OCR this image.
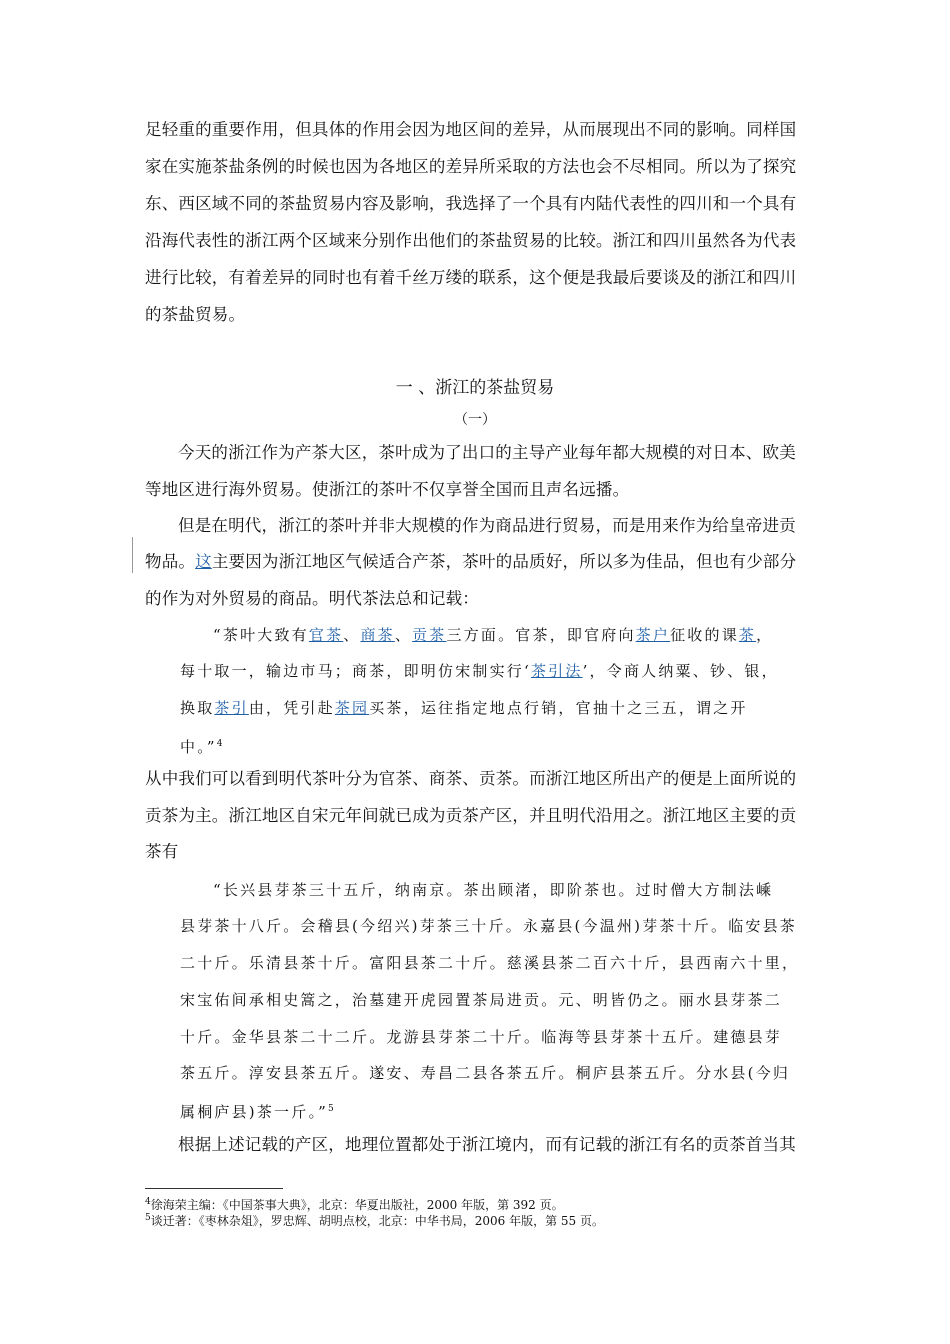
足轻重的重要作用，但具体的作用会因为地区间的差异，从而展现出不同的影响。同样国
家在实施茶盐条例的时候也因为各地区的差异所采取的方法也会不尽相同。所以为了探究
东、西区域不同的茶盐贸易内容及影响，我选择了一个具有内陆代表性的四川和一个具有
沿海代表性的浙江两个区域来分别作出他们的茶盐贸易的比较。浙江和四川虽然各为代表
进行比较，有着差异的同时也有着千丝万缕的联系，这个便是我最后要谈及的浙江和四川
的茶盐贸易。
一 、浙江的茶盐贸易
（一）
今天的浙江作为产茶大区，茶叶成为了出口的主导产业每年都大规模的对日本、欧美
等地区进行海外贸易。使浙江的茶叶不仅享誉全国而且声名远播。
但是在明代，浙江的茶叶并非大规模的作为商品进行贸易，而是用来作为给皇帝进贡
物品。这主要因为浙江地区气候适合产茶，茶叶的品质好，所以多为佳品，但也有少部分
的作为对外贸易的商品。明代茶法总和记载：
“茶叶大致有官茶、商茶、贡茶三方面。官茶，即官府向茶户征收的课茶，
每十取一，输边市马；商茶，即明仿宋制实行‘茶引法’，令商人纳粟、钞、银，
换取茶引由，凭引赴茶园买茶，运往指定地点行销，官抽十之三五，谓之开
中。”$^4$
从中我们可以看到明代茶叶分为官茶、商茶、贡茶。而浙江地区所出产的便是上面所说的
贡茶为主。浙江地区自宋元年间就已成为贡茶产区，并且明代沿用之。浙江地区主要的贡
茶有
“长兴县芽茶三十五斤，纳南京。茶出顾渚，即阶茶也。过时僧大方制法嵊
县芽茶十八斤。会稽县(今绍兴)芽茶三十斤。永嘉县(今温州)芽茶十斤。临安县茶
二十斤。乐清县茶十斤。富阳县茶二十斤。慈溪县茶二百六十斤，县西南六十里，
宋宝佑间承相史篙之，治墓建开虎园置茶局进贡。元、明皆仍之。丽水县芽茶二
十斤。金华县茶二十二斤。龙游县芽茶二十斤。临海等县芽茶十五斤。建德县芽
茶五斤。淳安县茶五斤。遂安、寿昌二县各茶五斤。桐庐县茶五斤。分水县(今归
属桐庐县)茶一斤。”$^5$
根据上述记载的产区，地理位置都处于浙江境内，而有记载的浙江有名的贡茶首当其
$^4$徐海荣主编：《中国茶事大典》，北京：华夏出版社，2000 年版，第 392 页。
$^5$谈迁著：《枣林杂俎》，罗忠辉、胡明点校，北京：中华书局，2006 年版，第 55 页。
